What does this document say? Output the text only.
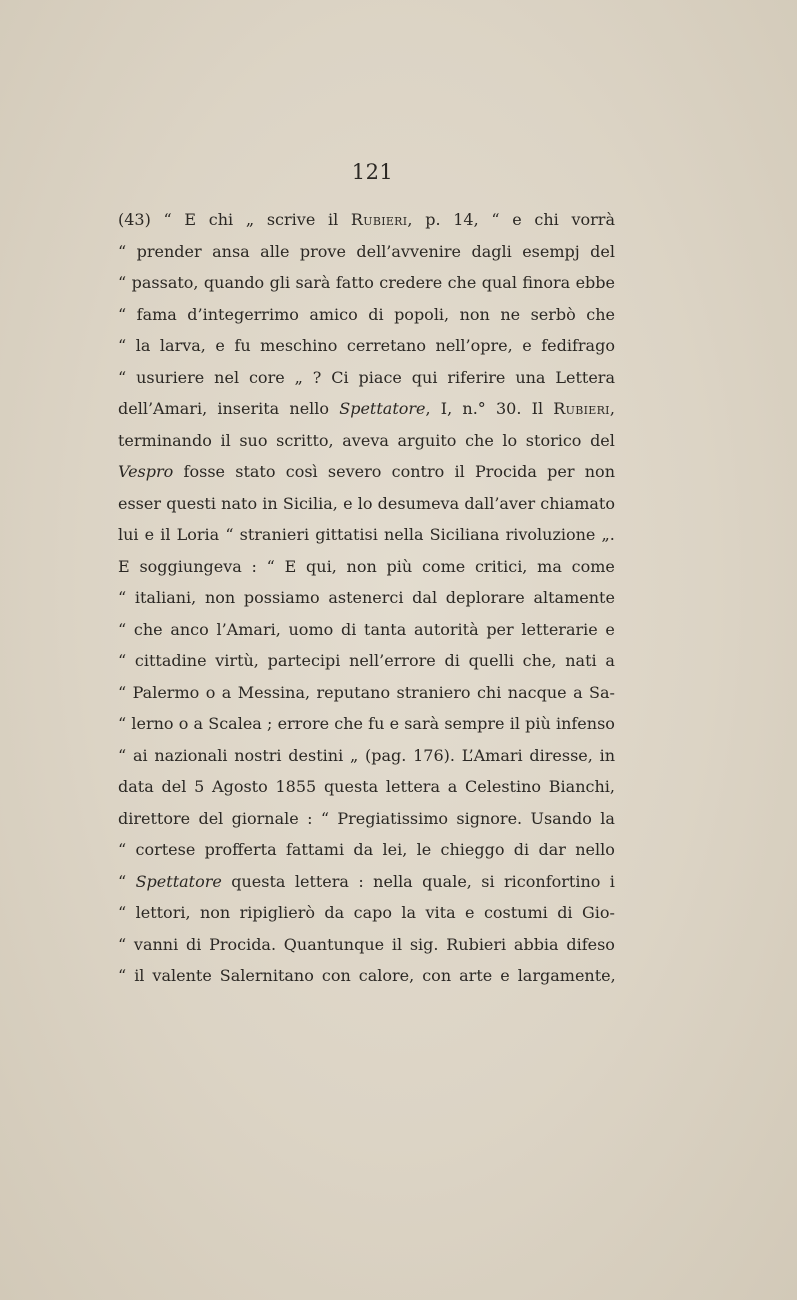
121
(43) “ E chi „ scrive il Rubieri, p. 14, “ e chi vorrà
“ prender ansa alle prove dell’avvenire dagli esempj del
“ passato, quando gli sarà fatto credere che qual finora ebbe
“ fama d’integerrimo amico di popoli, non ne serbò che
“ la larva, e fu meschino cerretano nell’opre, e fedifrago
“ usuriere nel core „ ? Ci piace qui riferire una Lettera
dell’Amari, inserita nello Spettatore, I, n.° 30. Il Rubieri,
terminando il suo scritto, aveva arguito che lo storico del
Vespro fosse stato così severo contro il Procida per non
esser questi nato in Sicilia, e lo desumeva dall’aver chiamato
lui e il Loria “ stranieri gittatisi nella Siciliana rivoluzione „.
E soggiungeva : “ E qui, non più come critici, ma come
“ italiani, non possiamo astenerci dal deplorare altamente
“ che anco l’Amari, uomo di tanta autorità per letterarie e
“ cittadine virtù, partecipi nell’errore di quelli che, nati a
“ Palermo o a Messina, reputano straniero chi nacque a Sa-
“ lerno o a Scalea ; errore che fu e sarà sempre il più infenso
“ ai nazionali nostri destini „ (pag. 176). L’Amari diresse, in
data del 5 Agosto 1855 questa lettera a Celestino Bianchi,
direttore del giornale : “ Pregiatissimo signore. Usando la
“ cortese profferta fattami da lei, le chieggo di dar nello
“ Spettatore questa lettera : nella quale, si riconfortino i
“ lettori, non ripiglierò da capo la vita e costumi di Gio-
“ vanni di Procida. Quantunque il sig. Rubieri abbia difeso
“ il valente Salernitano con calore, con arte e largamente,
